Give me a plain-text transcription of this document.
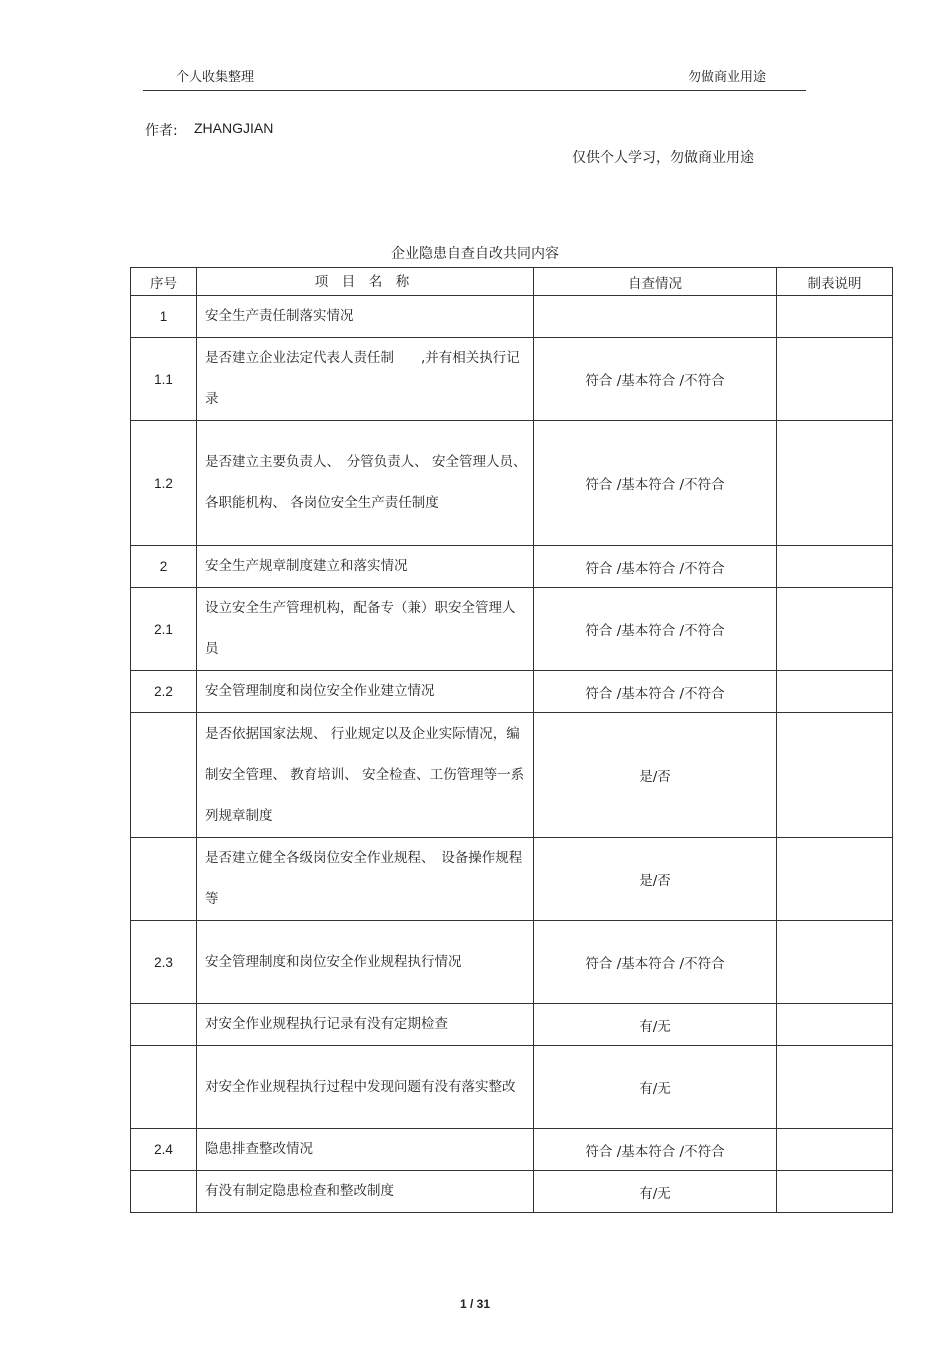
个人收集整理	勿做商业用途
作者: ZHANGJIAN
仅供个人学习，勿做商业用途
企业隐患自查自改共同内容
序号	项　目　名　称	自查情况	制表说明
1	安全生产责任制落实情况		
1.1	是否建立企业法定代表人责任制　　,并有相关执行记录	符合 /基本符合 /不符合	
1.2	是否建立主要负责人、　分管负责人、 安全管理人员、 各职能机构、 各岗位安全生产责任制度	符合 /基本符合 /不符合	
2	安全生产规章制度建立和落实情况	符合 /基本符合 /不符合	
2.1	设立安全生产管理机构，配备专（兼）职安全管理人员	符合 /基本符合 /不符合	
2.2	安全管理制度和岗位安全作业建立情况	符合 /基本符合 /不符合	
	是否依据国家法规、 行业规定以及企业实际情况，编制安全管理、 教育培训、 安全检查、工伤管理等一系列规章制度	是/否	
	是否建立健全各级岗位安全作业规程、　设备操作规程等	是/否	
2.3	安全管理制度和岗位安全作业规程执行情况	符合 /基本符合 /不符合	
	对安全作业规程执行记录有没有定期检查	有/无	
	对安全作业规程执行过程中发现问题有没有落实整改	有/无	
2.4	隐患排查整改情况	符合 /基本符合 /不符合	
	有没有制定隐患检查和整改制度	有/无	
1 / 31
